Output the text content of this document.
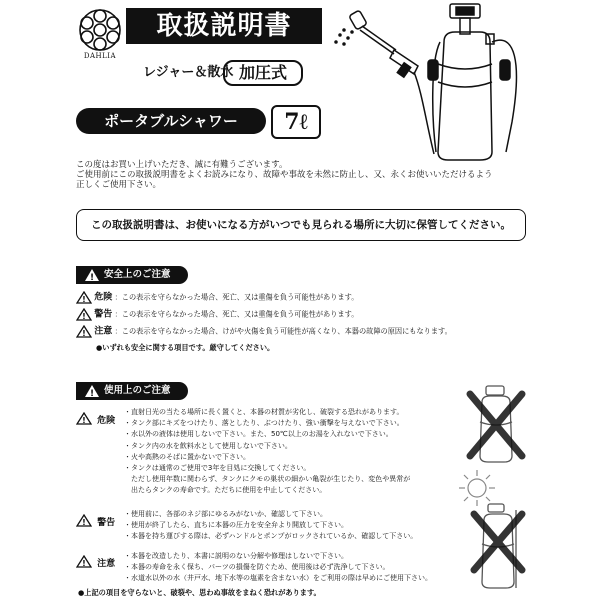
DAHLIA
取扱説明書
レジャー＆散水 加圧式
ポータブルシャワー	7ℓ
この度はお買い上げいただき、誠に有難うございます。
ご使用前にこの取扱説明書をよくお読みになり、故障や事故を未然に防止し、又、永くお使いいただけるよう
正しくご使用下さい。
この取扱説明書は、お使いになる方がいつでも見られる場所に大切に保管してください。
! 安全上のご注意
! 危険 ：この表示を守らなかった場合、死亡、又は重傷を負う可能性があります。
! 警告 ：この表示を守らなかった場合、死亡、又は重傷を負う可能性があります。
! 注意 ：この表示を守らなかった場合、けがや火傷を負う可能性が高くなり、本器の故障の原因にもなります。
●いずれも安全に関する項目です。厳守してください。
! 使用上のご注意
! 危険
・直射日光の当たる場所に長く置くと、本器の材質が劣化し、破裂する恐れがあります。
・タンク部にキズをつけたり、落としたり、ぶつけたり、強い衝撃を与えないで下さい。
・水以外の液体は使用しないで下さい。また、50℃以上のお湯を入れないで下さい。
・タンク内の水を飲料水として使用しないで下さい。
・火や高熱のそばに置かないで下さい。
・タンクは通常のご使用で3年を目処に交換してください。
　ただし使用年数に関わらず、タンクにクモの巣状の細かい亀裂が生じたり、変色や異常が
　出たらタンクの寿命です。ただちに使用を中止してください。
! 警告
・使用前に、各部のネジ部にゆるみがないか、確認して下さい。
・使用が終了したら、直ちに本器の圧力を安全弁より開放して下さい。
・本器を持ち運びする際は、必ずハンドルとポンプがロックされているか、確認して下さい。
! 注意
・本器を改造したり、本書に説明のない分解や修理はしないで下さい。
・本器の寿命を永く保ち、パーツの損傷を防ぐため、使用後は必ず洗浄して下さい。
・水道水以外の水（井戸水、地下水等の塩素を含まない水）をご利用の際は早めにご使用下さい。
●上記の項目を守らないと、破裂や、思わぬ事故をまねく恐れがあります。
